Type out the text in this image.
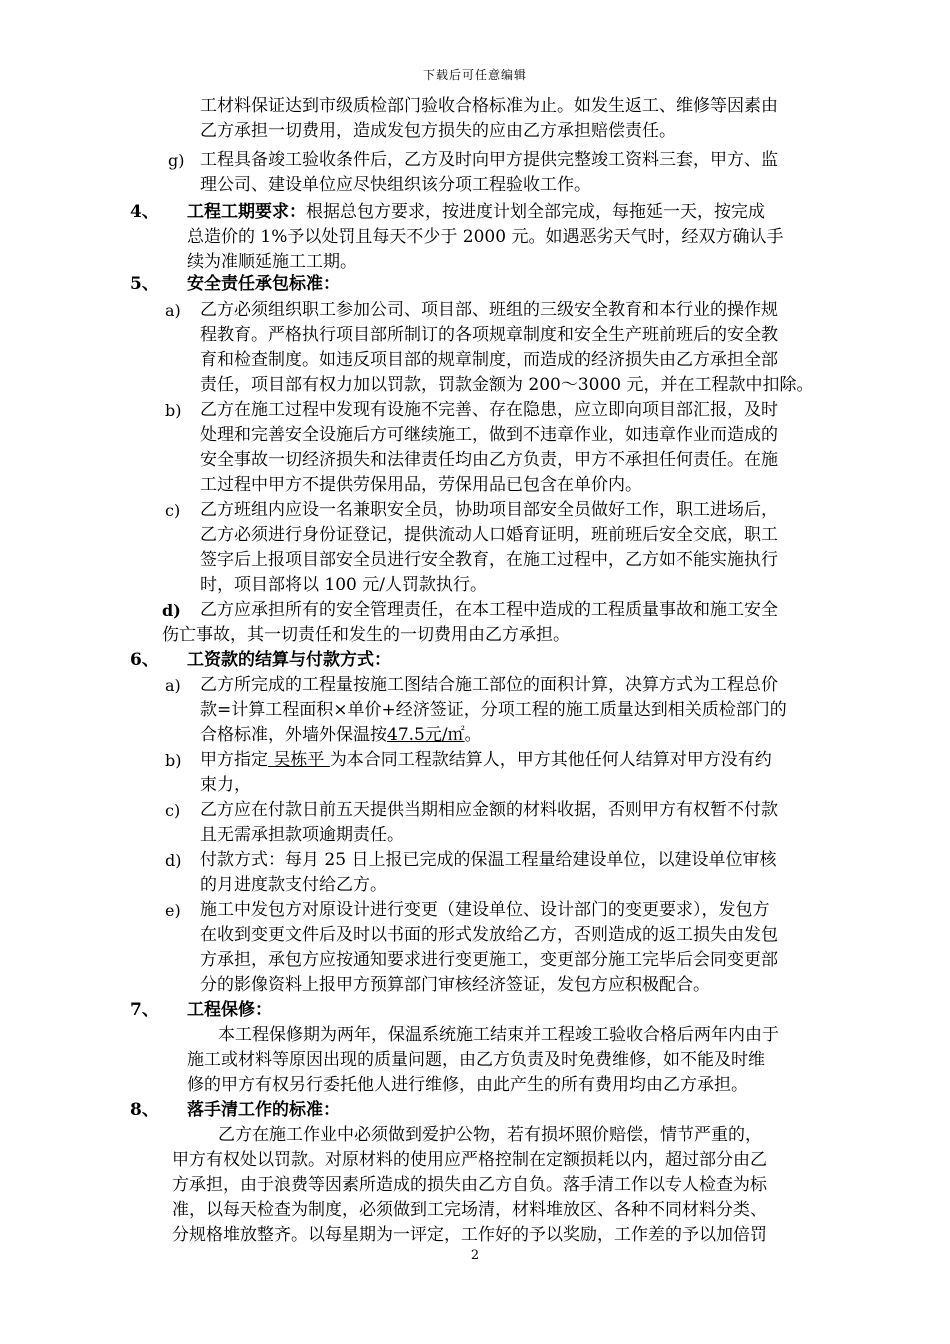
下载后可任意编辑
工材料保证达到市级质检部门验收合格标准为止。如发生返工、维修等因素由
乙方承担一切费用，造成发包方损失的应由乙方承担赔偿责任。
g) 工程具备竣工验收条件后，乙方及时向甲方提供完整竣工资料三套，甲方、监
理公司、建设单位应尽快组织该分项工程验收工作。
4、 工程工期要求：根据总包方要求，按进度计划全部完成，每拖延一天，按完成
总造价的 1%予以处罚且每天不少于 2000 元。如遇恶劣天气时，经双方确认手
续为准顺延施工工期。
5、 安全责任承包标准：
a) 乙方必须组织职工参加公司、项目部、班组的三级安全教育和本行业的操作规
程教育。严格执行项目部所制订的各项规章制度和安全生产班前班后的安全教
育和检查制度。如违反项目部的规章制度，而造成的经济损失由乙方承担全部
责任，项目部有权力加以罚款，罚款金额为 200～3000 元，并在工程款中扣除。
b) 乙方在施工过程中发现有设施不完善、存在隐患，应立即向项目部汇报，及时
处理和完善安全设施后方可继续施工，做到不违章作业，如违章作业而造成的
安全事故一切经济损失和法律责任均由乙方负责，甲方不承担任何责任。在施
工过程中甲方不提供劳保用品，劳保用品已包含在单价内。
c) 乙方班组内应设一名兼职安全员，协助项目部安全员做好工作，职工进场后，
乙方必须进行身份证登记，提供流动人口婚育证明，班前班后安全交底，职工
签字后上报项目部安全员进行安全教育，在施工过程中，乙方如不能实施执行
时，项目部将以 100 元/人罚款执行。
d) 乙方应承担所有的安全管理责任，在本工程中造成的工程质量事故和施工安全
伤亡事故，其一切责任和发生的一切费用由乙方承担。
6、 工资款的结算与付款方式：
a) 乙方所完成的工程量按施工图结合施工部位的面积计算，决算方式为工程总价
款=计算工程面积×单价+经济签证，分项工程的施工质量达到相关质检部门的
合格标准，外墙外保温按47.5元/㎡。
b) 甲方指定 吴栋平 为本合同工程款结算人，甲方其他任何人结算对甲方没有约
束力，
c) 乙方应在付款日前五天提供当期相应金额的材料收据，否则甲方有权暂不付款
且无需承担款项逾期责任。
d) 付款方式：每月 25 日上报已完成的保温工程量给建设单位，以建设单位审核
的月进度款支付给乙方。
e) 施工中发包方对原设计进行变更（建设单位、设计部门的变更要求），发包方
在收到变更文件后及时以书面的形式发放给乙方，否则造成的返工损失由发包
方承担，承包方应按通知要求进行变更施工，变更部分施工完毕后会同变更部
分的影像资料上报甲方预算部门审核经济签证，发包方应积极配合。
7、 工程保修：
本工程保修期为两年，保温系统施工结束并工程竣工验收合格后两年内由于
施工或材料等原因出现的质量问题，由乙方负责及时免费维修，如不能及时维
修的甲方有权另行委托他人进行维修，由此产生的所有费用均由乙方承担。
8、 落手清工作的标准：
乙方在施工作业中必须做到爱护公物，若有损坏照价赔偿，情节严重的，
甲方有权处以罚款。对原材料的使用应严格控制在定额损耗以内，超过部分由乙
方承担，由于浪费等因素所造成的损失由乙方自负。落手清工作以专人检查为标
准，以每天检查为制度，必须做到工完场清，材料堆放区、各种不同材料分类、
分规格堆放整齐。以每星期为一评定，工作好的予以奖励，工作差的予以加倍罚
2
